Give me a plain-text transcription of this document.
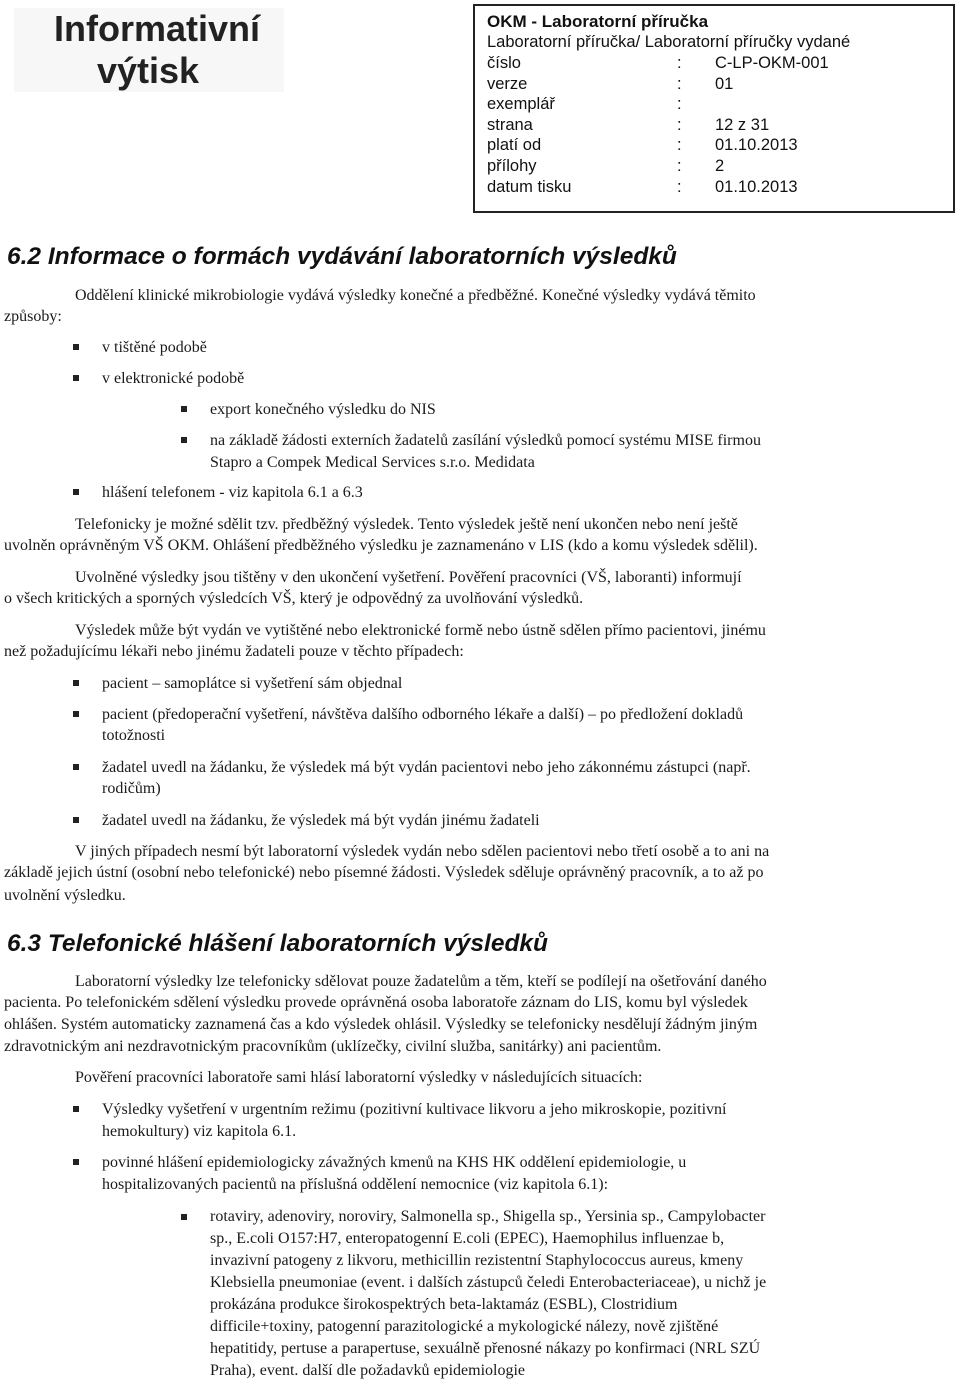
Informativní
výtisk
OKM - Laboratorní příručka
Laboratorní příručka/ Laboratorní příručky vydané
číslo	:	C-LP-OKM-001
verze	:	01
exemplář	:
strana	:	12 z 31
platí od	:	01.10.2013
přílohy	:	2
datum tisku	:	01.10.2013
6.2 Informace o formách vydávání laboratorních výsledků
Oddělení klinické mikrobiologie vydává výsledky konečné a předběžné. Konečné výsledky vydává těmito
způsoby:
v tištěné podobě
v elektronické podobě
export konečného výsledku do NIS
na základě žádosti externích žadatelů zasílání výsledků pomocí systému MISE firmou
Stapro a Compek Medical Services s.r.o. Medidata
hlášení telefonem - viz kapitola 6.1 a 6.3
Telefonicky je možné sdělit tzv. předběžný výsledek. Tento výsledek ještě není ukončen nebo není ještě
uvolněn oprávněným VŠ OKM. Ohlášení předběžného výsledku je zaznamenáno v LIS (kdo a komu výsledek sdělil).
Uvolněné výsledky jsou tištěny v den ukončení vyšetření. Pověření pracovníci (VŠ, laboranti) informují
o všech kritických a sporných výsledcích VŠ, který je odpovědný za uvolňování výsledků.
Výsledek může být vydán ve vytištěné nebo elektronické formě nebo ústně sdělen přímo pacientovi, jinému
než požadujícímu lékaři nebo jinému žadateli pouze v těchto případech:
pacient – samoplátce si vyšetření sám objednal
pacient (předoperační vyšetření, návštěva dalšího odborného lékaře a další) – po předložení dokladů
totožnosti
žadatel uvedl na žádanku, že výsledek má být vydán pacientovi nebo jeho zákonnému zástupci (např.
rodičům)
žadatel uvedl na žádanku, že výsledek má být vydán jinému žadateli
V jiných případech nesmí být laboratorní výsledek vydán nebo sdělen pacientovi nebo třetí osobě a to ani na
základě jejich ústní (osobní nebo telefonické) nebo písemné žádosti. Výsledek sděluje oprávněný pracovník, a to až po
uvolnění výsledku.
6.3 Telefonické hlášení laboratorních výsledků
Laboratorní výsledky lze telefonicky sdělovat pouze žadatelům a těm, kteří se podílejí na ošetřování daného
pacienta. Po telefonickém sdělení výsledku provede oprávněná osoba laboratoře záznam do LIS, komu byl výsledek
ohlášen. Systém automaticky zaznamená čas a kdo výsledek ohlásil. Výsledky se telefonicky nesdělují žádným jiným
zdravotnickým ani nezdravotnickým pracovníkům (uklízečky, civilní služba, sanitárky) ani pacientům.
Pověření pracovníci laboratoře sami hlásí laboratorní výsledky v následujících situacích:
Výsledky vyšetření v urgentním režimu (pozitivní kultivace likvoru a jeho mikroskopie, pozitivní
hemokultury) viz kapitola 6.1.
povinné hlášení epidemiologicky závažných kmenů na KHS HK oddělení epidemiologie, u
hospitalizovaných pacientů na příslušná oddělení nemocnice (viz kapitola 6.1):
rotaviry, adenoviry, noroviry, Salmonella sp., Shigella sp., Yersinia sp., Campylobacter
sp., E.coli O157:H7, enteropatogenní E.coli (EPEC), Haemophilus influenzae b,
invazivní patogeny z likvoru, methicillin rezistentní Staphylococcus aureus, kmeny
Klebsiella pneumoniae (event. i dalších zástupců čeledi Enterobacteriaceae), u nichž je
prokázána produkce širokospektrých beta-laktamáz (ESBL), Clostridium
difficile+toxiny, patogenní parazitologické a mykologické nálezy, nově zjištěné
hepatitidy, pertuse a parapertuse, sexuálně přenosné nákazy po konfirmaci (NRL SZÚ
Praha), event. další dle požadavků epidemiologie
